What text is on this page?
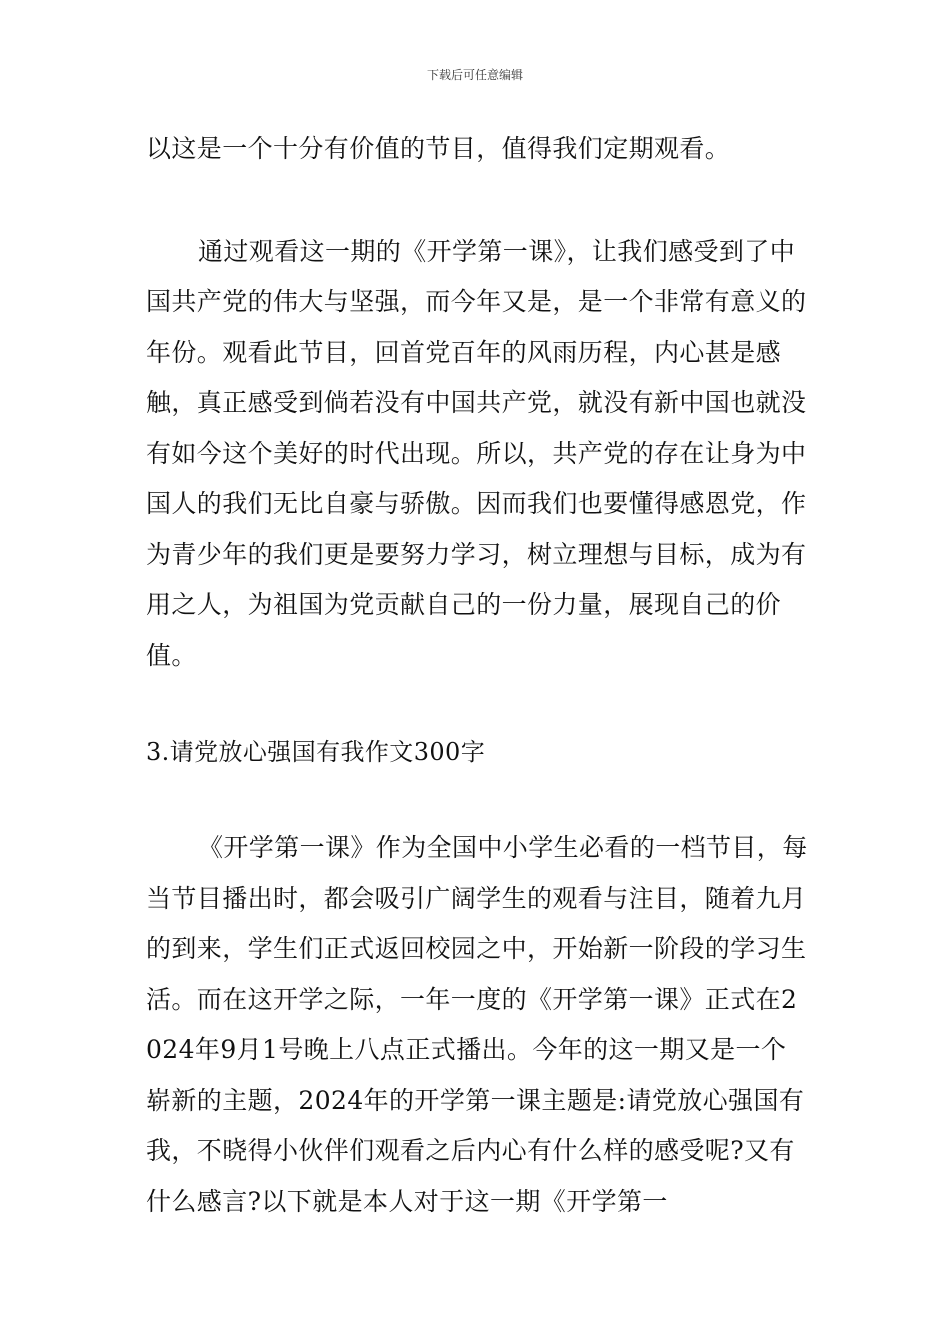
下载后可任意编辑

以这是一个十分有价值的节目，值得我们定期观看。

通过观看这一期的《开学第一课》，让我们感受到了中国共产党的伟大与坚强，而今年又是，是一个非常有意义的年份。观看此节目，回首党百年的风雨历程，内心甚是感触，真正感受到倘若没有中国共产党，就没有新中国也就没有如今这个美好的时代出现。所以，共产党的存在让身为中国人的我们无比自豪与骄傲。因而我们也要懂得感恩党，作为青少年的我们更是要努力学习，树立理想与目标，成为有用之人，为祖国为党贡献自己的一份力量，展现自己的价值。

3.请党放心强国有我作文300字

《开学第一课》作为全国中小学生必看的一档节目，每当节目播出时，都会吸引广阔学生的观看与注目，随着九月的到来，学生们正式返回校园之中，开始新一阶段的学习生活。而在这开学之际，一年一度的《开学第一课》正式在2024年9月1号晚上八点正式播出。今年的这一期又是一个崭新的主题，2024年的开学第一课主题是:请党放心强国有我，不晓得小伙伴们观看之后内心有什么样的感受呢?又有什么感言?以下就是本人对于这一期《开学第一
